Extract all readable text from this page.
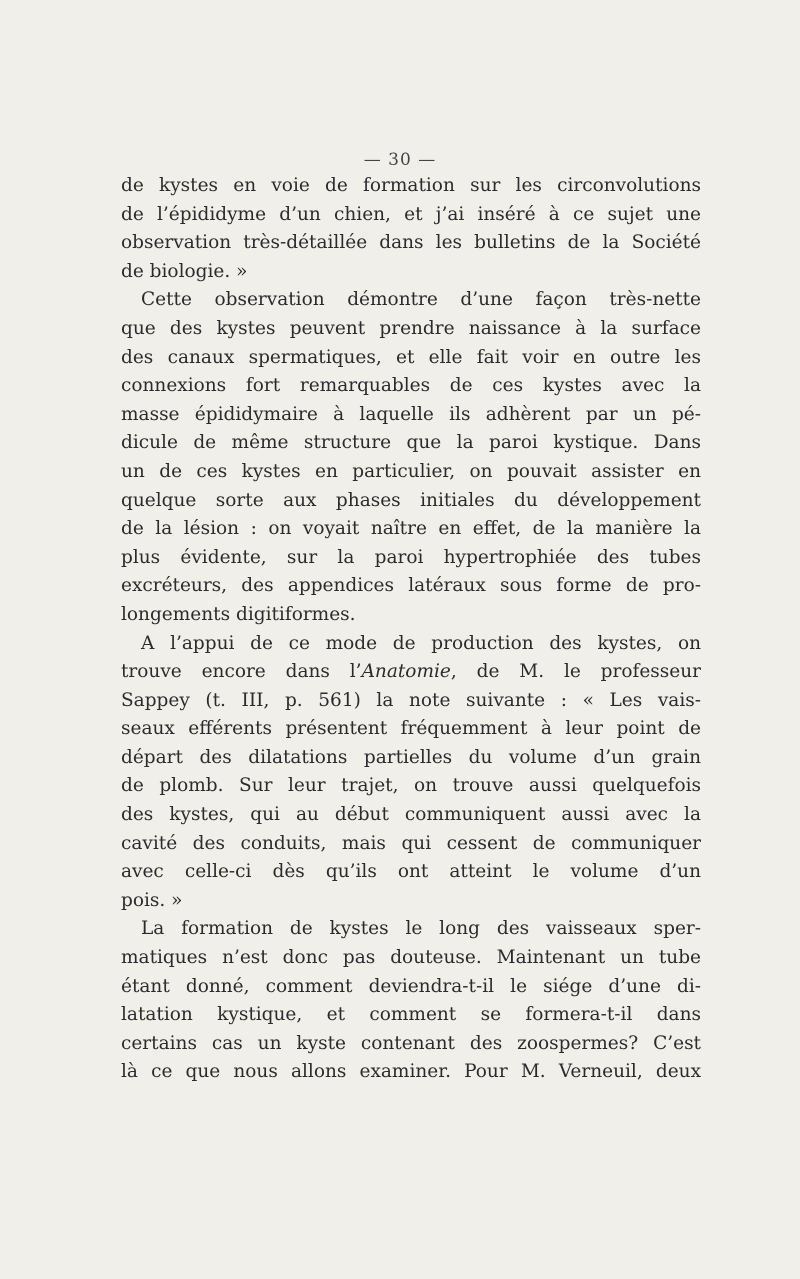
— 30 —
de kystes en voie de formation sur les circonvolutions
de l’épididyme d’un chien, et j’ai inséré à ce sujet une
observation très-détaillée dans les bulletins de la Société
de biologie. »
Cette observation démontre d’une façon très-nette
que des kystes peuvent prendre naissance à la surface
des canaux spermatiques, et elle fait voir en outre les
connexions fort remarquables de ces kystes avec la
masse épididymaire à laquelle ils adhèrent par un pé-
dicule de même structure que la paroi kystique. Dans
un de ces kystes en particulier, on pouvait assister en
quelque sorte aux phases initiales du développement
de la lésion : on voyait naître en effet, de la manière la
plus évidente, sur la paroi hypertrophiée des tubes
excréteurs, des appendices latéraux sous forme de pro-
longements digitiformes.
A l’appui de ce mode de production des kystes, on
trouve encore dans l’Anatomie, de M. le professeur
Sappey (t. III, p. 561) la note suivante : « Les vais-
seaux efférents présentent fréquemment à leur point de
départ des dilatations partielles du volume d’un grain
de plomb. Sur leur trajet, on trouve aussi quelquefois
des kystes, qui au début communiquent aussi avec la
cavité des conduits, mais qui cessent de communiquer
avec celle-ci dès qu’ils ont atteint le volume d’un
pois. »
La formation de kystes le long des vaisseaux sper-
matiques n’est donc pas douteuse. Maintenant un tube
étant donné, comment deviendra-t-il le siége d’une di-
latation kystique, et comment se formera-t-il dans
certains cas un kyste contenant des zoospermes? C’est
là ce que nous allons examiner. Pour M. Verneuil, deux
